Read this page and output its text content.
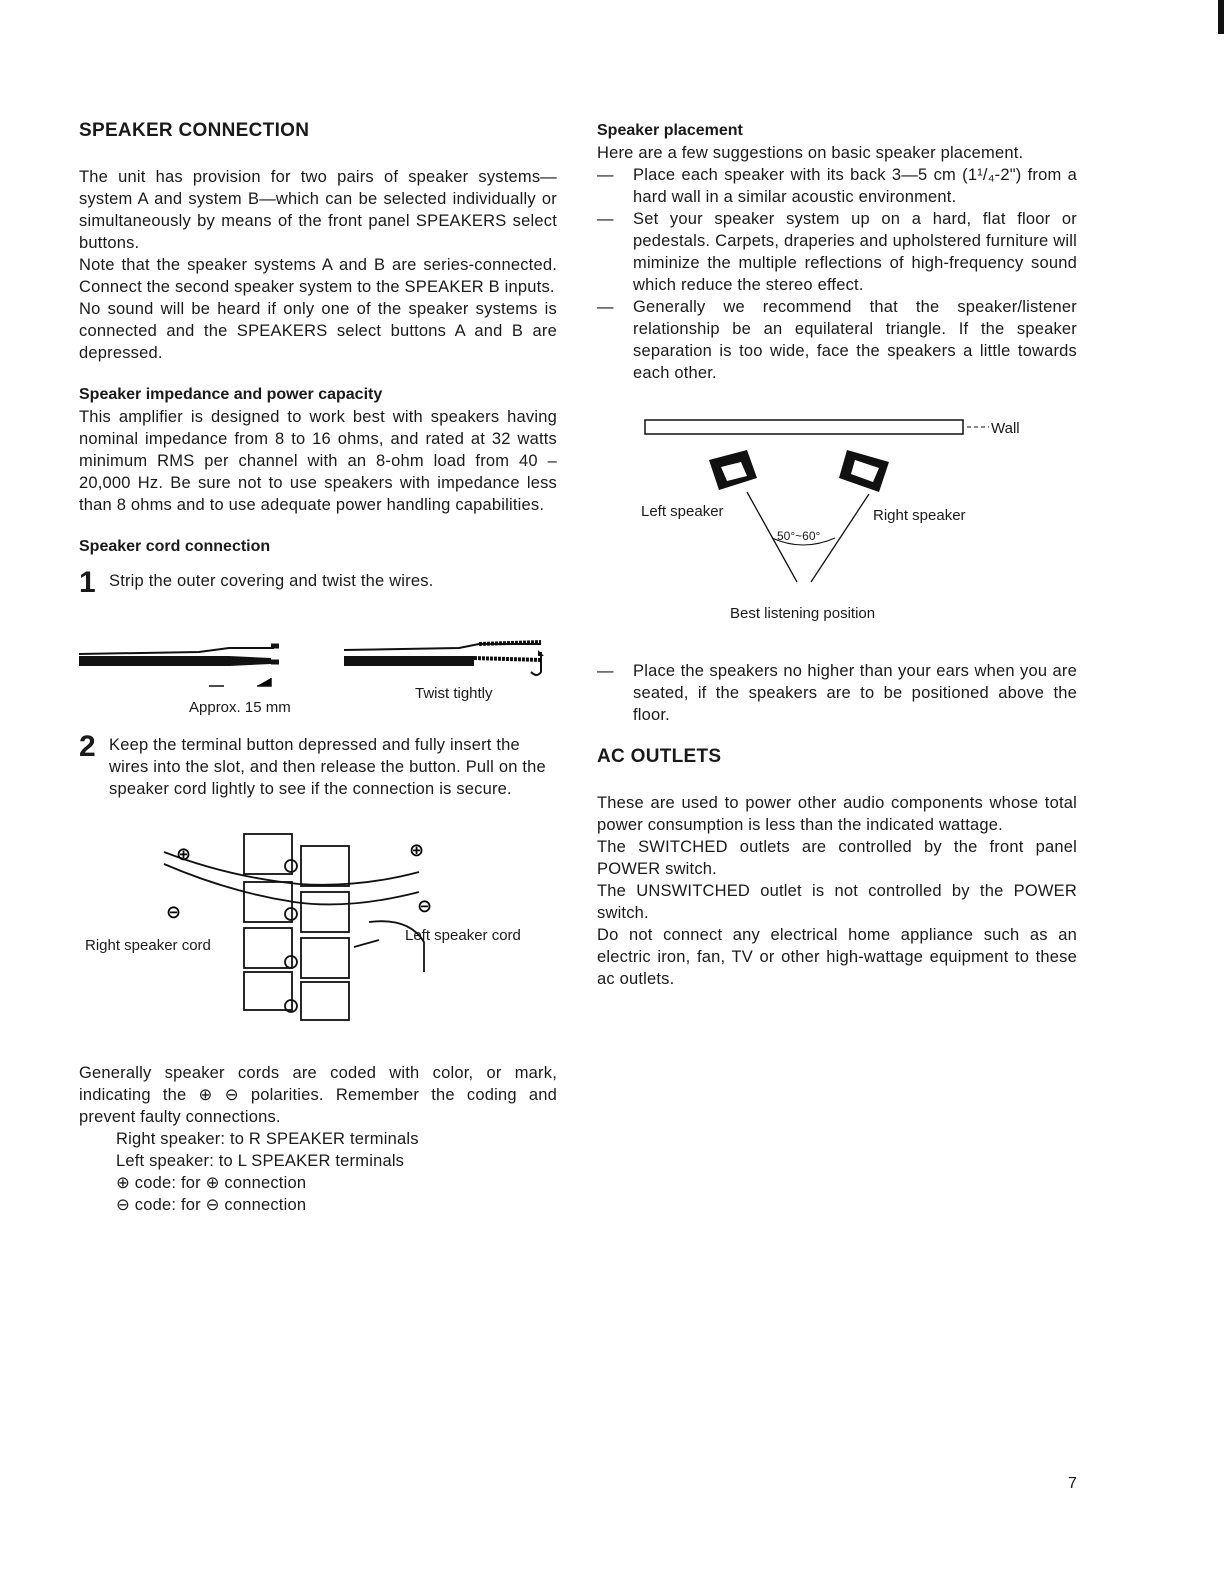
SPEAKER CONNECTION

The unit has provision for two pairs of speaker systems— system A and system B—which can be selected individually or simultaneously by means of the front panel SPEAKERS select buttons.

Note that the speaker systems A and B are series-connected. Connect the second speaker system to the SPEAKER B inputs.

No sound will be heard if only one of the speaker systems is connected and the SPEAKERS select buttons A and B are depressed.

Speaker impedance and power capacity

This amplifier is designed to work best with speakers having nominal impedance from 8 to 16 ohms, and rated at 32 watts minimum RMS per channel with an 8-ohm load from 40 – 20,000 Hz. Be sure not to use speakers with impedance less than 8 ohms and to use adequate power handling capabilities.

Speaker cord connection
1 Strip the outer covering and twist the wires.
Approx. 15 mm
Twist tightly
2 Keep the terminal button depressed and fully insert the wires into the slot, and then release the button. Pull on the speaker cord lightly to see if the connection is secure.
⊕
⊖
⊕
⊖
Right speaker cord
Left speaker cord

Generally speaker cords are coded with color, or mark, indicating the ⊕ ⊖ polarities. Remember the coding and prevent faulty connections.

Right speaker: to R SPEAKER terminals
Left speaker: to L SPEAKER terminals
⊕ code: for ⊕ connection
⊖ code: for ⊖ connection
Speaker placement

Here are a few suggestions on basic speaker placement.

— Place each speaker with its back 3—5 cm (1¹/₄-2") from a hard wall in a similar acoustic environment.
— Set your speaker system up on a hard, flat floor or pedestals. Carpets, draperies and upholstered furniture will miminize the multiple reflections of high-frequency sound which reduce the stereo effect.
— Generally we recommend that the speaker/listener relationship be an equilateral triangle. If the speaker separation is too wide, face the speakers a little towards each other.
Wall
Left speaker	Right speaker
50°~60°
Best listening position
— Place the speakers no higher than your ears when you are seated, if the speakers are to be positioned above the floor.
AC OUTLETS

These are used to power other audio components whose total power consumption is less than the indicated wattage.

The SWITCHED outlets are controlled by the front panel POWER switch.

The UNSWITCHED outlet is not controlled by the POWER switch.

Do not connect any electrical home appliance such as an electric iron, fan, TV or other high-wattage equipment to these ac outlets.

7
